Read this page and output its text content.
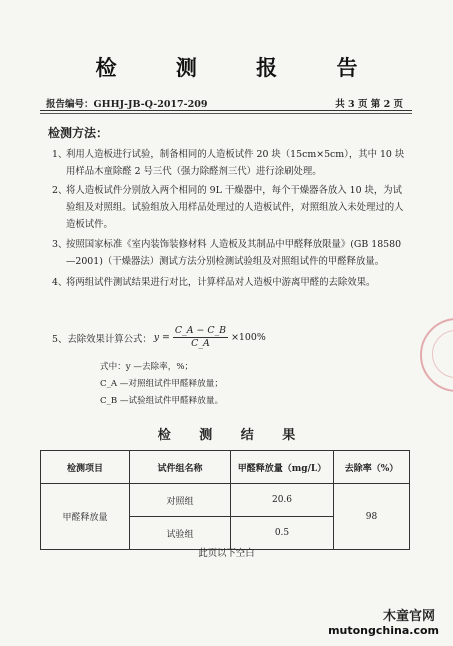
检 测 报 告
报告编号：GHHJ-JB-Q-2017-209	共 3 页 第 2 页
检测方法：
1、
利用人造板进行试验，制备相同的人造板试件 20 块（15cm×5cm），其中 10 块用样品木童除醛 2 号三代（强力除醛剂三代）进行涂刷处理。
2、
将人造板试件分别放入两个相同的 9L 干燥器中，每个干燥器各放入 10 块，为试验组及对照组。试验组放入用样品处理过的人造板试件，对照组放入未处理过的人造板试件。
3、
按照国家标准《室内装饰装修材料 人造板及其制品中甲醛释放限量》(GB 18580—2001)（干燥器法）测试方法分别检测试验组及对照组试件的甲醛释放量。
4、
将两组试件测试结果进行对比，计算样品对人造板中游离甲醛的去除效果。
5、 去除效果计算公式： $y = \frac{C\_A - C\_B}{C\_A} \times 100\%$
式中：y —去除率，%；
C_A —对照组试件甲醛释放量；
C_B —试验组试件甲醛释放量。
检 测 结 果
检测项目	试件组名称	甲醛释放量（mg/L）	去除率（%）
甲醛释放量	对照组	20.6	98
	试验组	0.5	
此页以下空白
木童官网
mutongchina.com
